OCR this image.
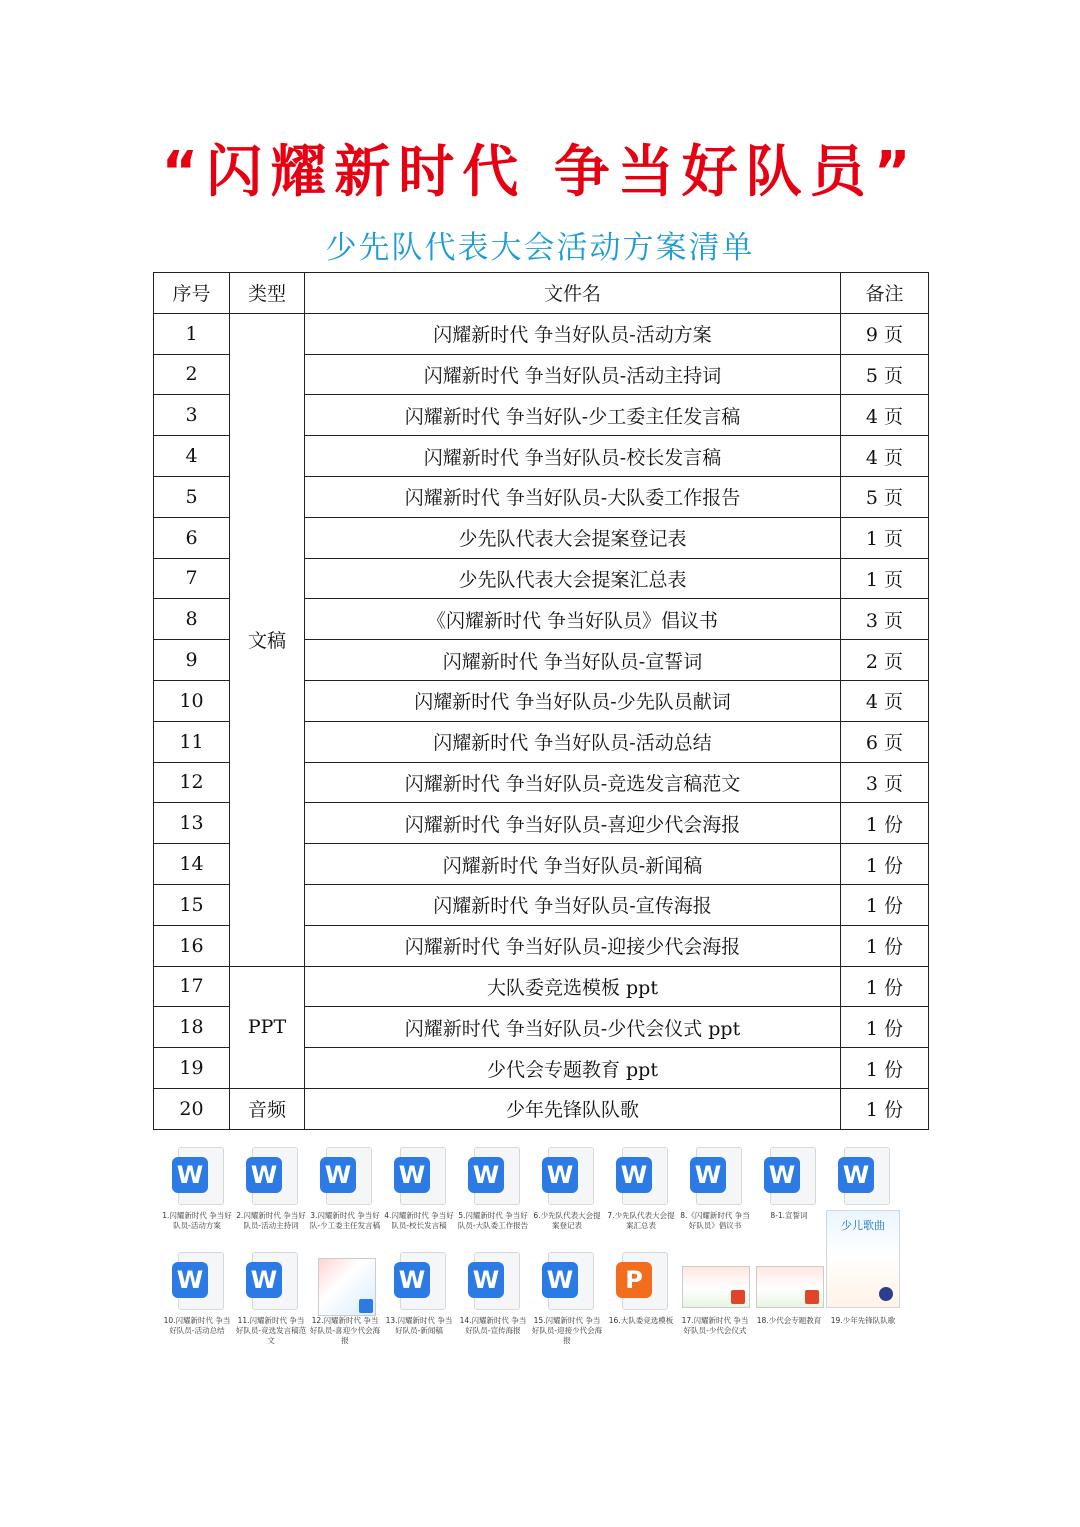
“闪耀新时代 争当好队员”
少先队代表大会活动方案清单
序号	类型	文件名	备注
1	文稿	闪耀新时代 争当好队员-活动方案	9 页
2		闪耀新时代 争当好队员-活动主持词	5 页
3		闪耀新时代 争当好队-少工委主任发言稿	4 页
4		闪耀新时代 争当好队员-校长发言稿	4 页
5		闪耀新时代 争当好队员-大队委工作报告	5 页
6		少先队代表大会提案登记表	1 页
7		少先队代表大会提案汇总表	1 页
8		《闪耀新时代 争当好队员》倡议书	3 页
9		闪耀新时代 争当好队员-宣誓词	2 页
10		闪耀新时代 争当好队员-少先队员献词	4 页
11		闪耀新时代 争当好队员-活动总结	6 页
12		闪耀新时代 争当好队员-竞选发言稿范文	3 页
13		闪耀新时代 争当好队员-喜迎少代会海报	1 份
14		闪耀新时代 争当好队员-新闻稿	1 份
15		闪耀新时代 争当好队员-宣传海报	1 份
16		闪耀新时代 争当好队员-迎接少代会海报	1 份
17	PPT	大队委竞选模板 ppt	1 份
18		闪耀新时代 争当好队员-少代会仪式 ppt	1 份
19		少代会专题教育 ppt	1 份
20	音频	少年先锋队队歌	1 份
W
1.闪耀新时代 争当好队员-活动方案
W
2.闪耀新时代 争当好队员-活动主持词
W
3.闪耀新时代 争当好队-少工委主任发言稿
W
4.闪耀新时代 争当好队员-校长发言稿
W
5.闪耀新时代 争当好队员-大队委工作报告
W
6.少先队代表大会提案登记表
W
7.少先队代表大会提案汇总表
W
8.《闪耀新时代 争当好队员》倡议书
W
8-1.宣誓词
W
W
10.闪耀新时代 争当好队员-活动总结
W
11.闪耀新时代 争当好队员-竞选发言稿范文
12.闪耀新时代 争当好队员-喜迎少代会海报
W
13.闪耀新时代 争当好队员-新闻稿
W
14.闪耀新时代 争当好队员-宣传海报
W
15.闪耀新时代 争当好队员-迎接少代会海报
P
16.大队委竞选模板	17.闪耀新时代 争当好队员-少代会仪式
18.少代会专题教育
少儿歌曲
19.少年先锋队队歌
